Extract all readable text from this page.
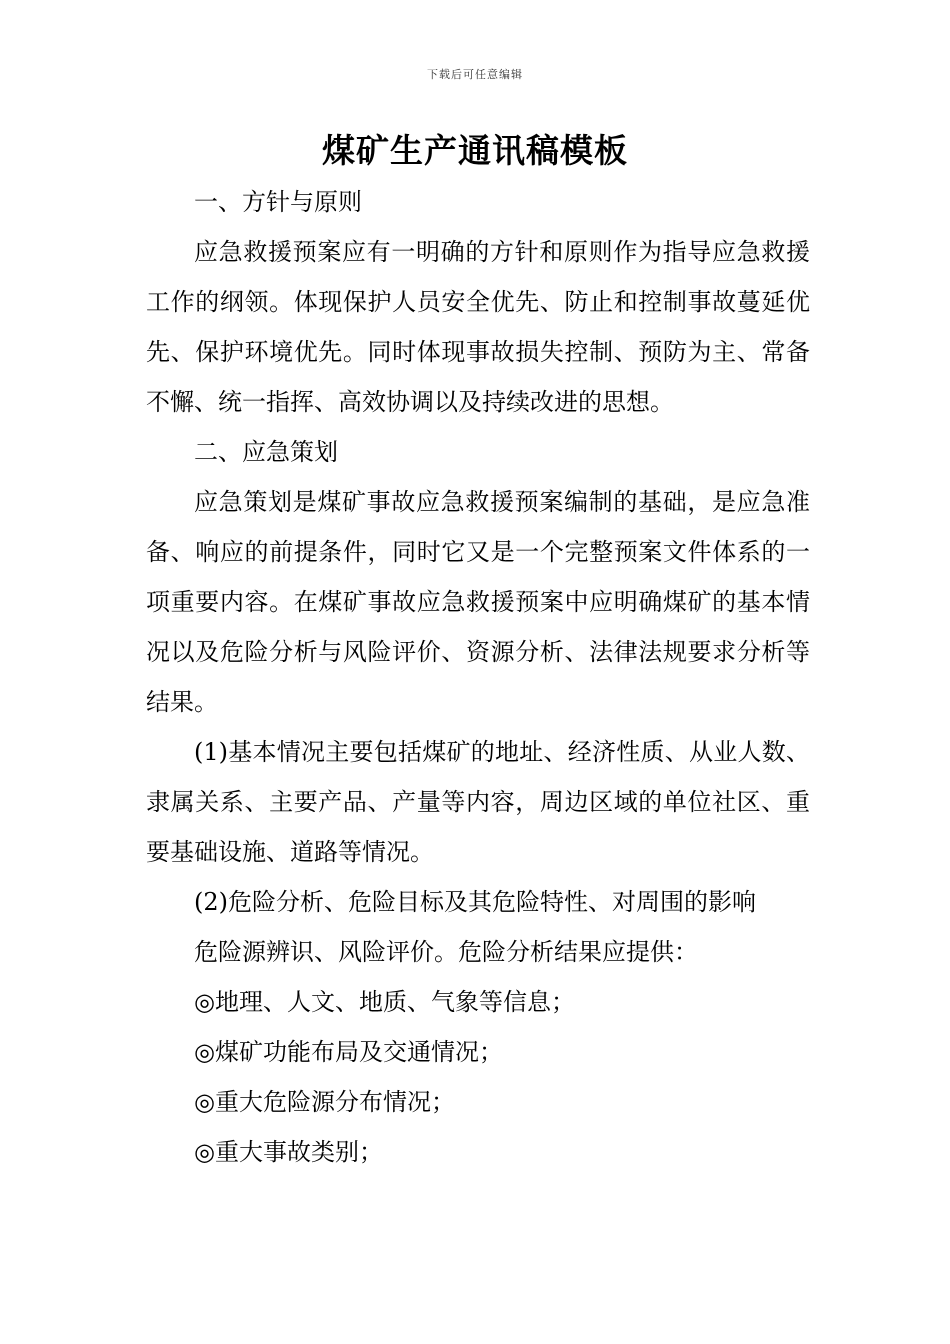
下载后可任意编辑
煤矿生产通讯稿模板

一、方针与原则

应急救援预案应有一明确的方针和原则作为指导应急救援工作的纲领。体现保护人员安全优先、防止和控制事故蔓延优先、保护环境优先。同时体现事故损失控制、预防为主、常备不懈、统一指挥、高效协调以及持续改进的思想。

二、应急策划

应急策划是煤矿事故应急救援预案编制的基础，是应急准备、响应的前提条件，同时它又是一个完整预案文件体系的一项重要内容。在煤矿事故应急救援预案中应明确煤矿的基本情况以及危险分析与风险评价、资源分析、法律法规要求分析等结果。

(1)基本情况主要包括煤矿的地址、经济性质、从业人数、隶属关系、主要产品、产量等内容，周边区域的单位社区、重要基础设施、道路等情况。

(2)危险分析、危险目标及其危险特性、对周围的影响

危险源辨识、风险评价。危险分析结果应提供：

◎地理、人文、地质、气象等信息；

◎煤矿功能布局及交通情况；

◎重大危险源分布情况；

◎重大事故类别；
